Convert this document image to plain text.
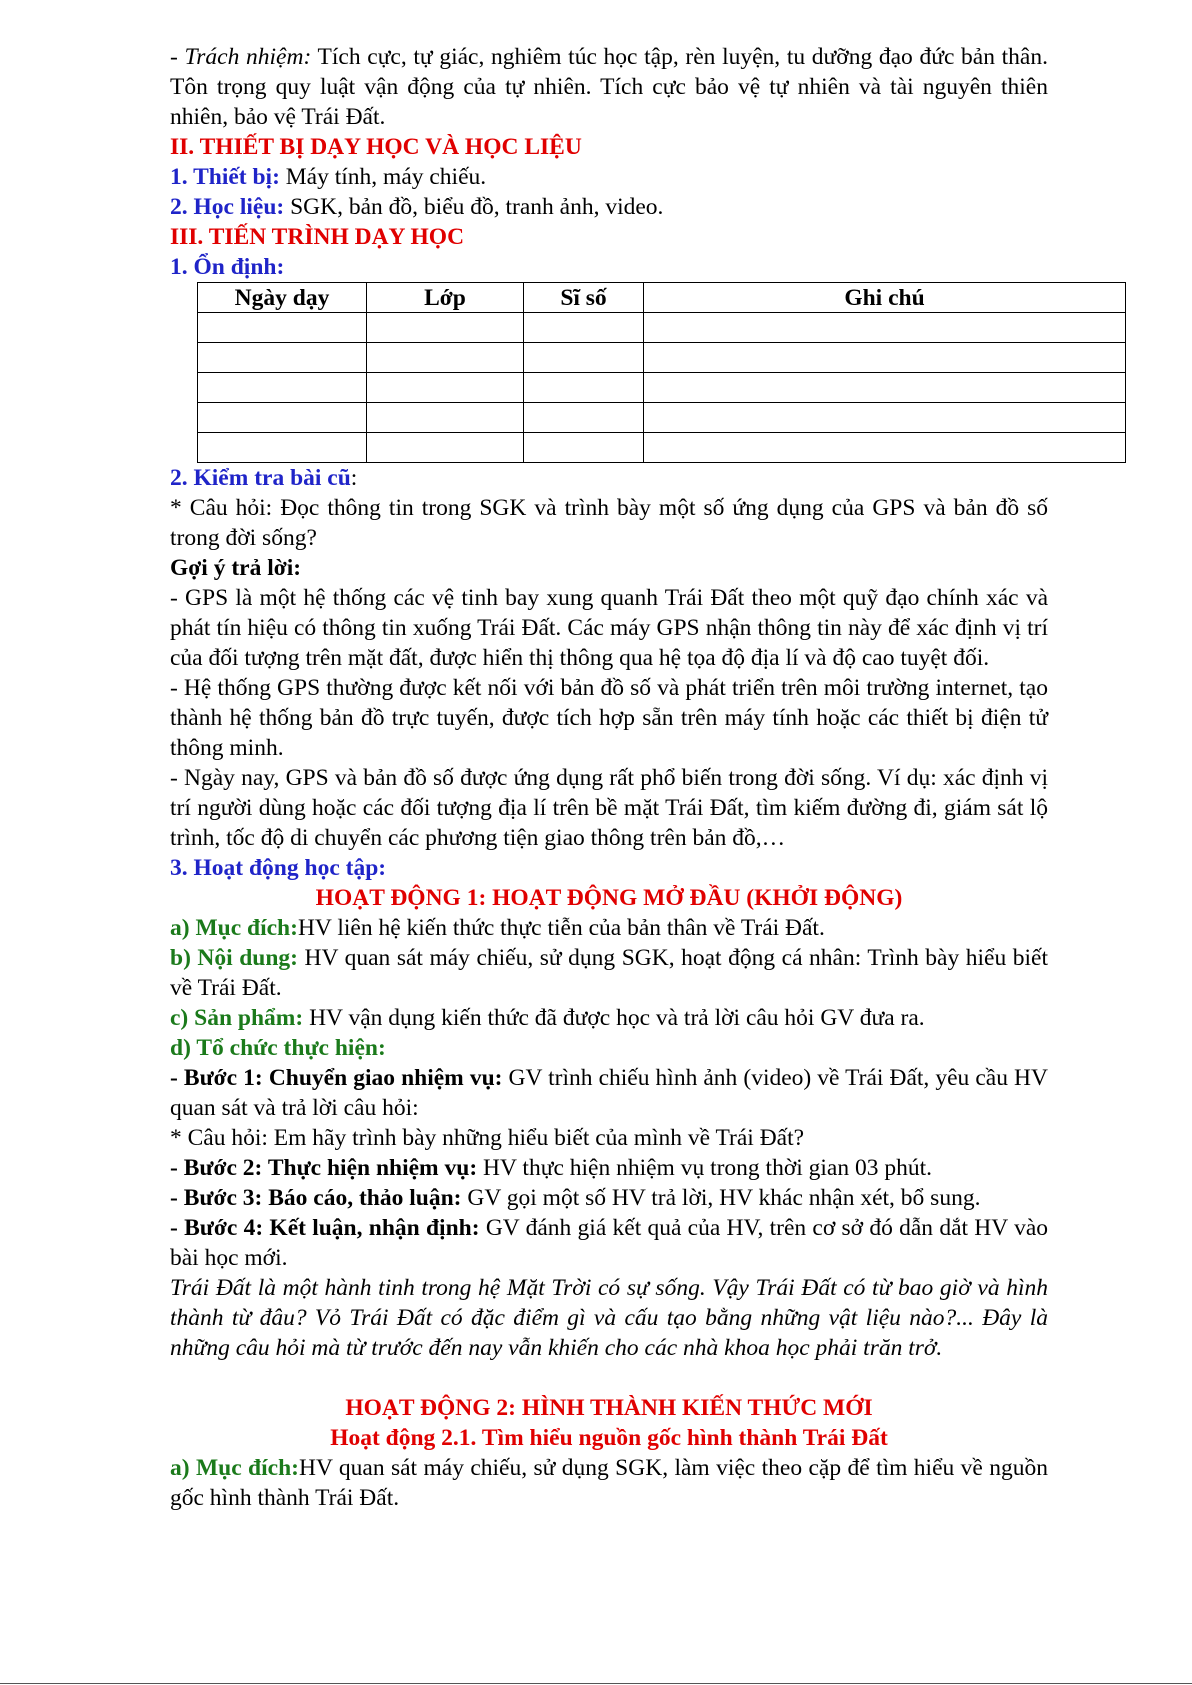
- Trách nhiệm: Tích cực, tự giác, nghiêm túc học tập, rèn luyện, tu dưỡng đạo đức bản thân. Tôn trọng quy luật vận động của tự nhiên. Tích cực bảo vệ tự nhiên và tài nguyên thiên nhiên, bảo vệ Trái Đất.

II. THIẾT BỊ DẠY HỌC VÀ HỌC LIỆU

1. Thiết bị: Máy tính, máy chiếu.

2. Học liệu: SGK, bản đồ, biểu đồ, tranh ảnh, video.

III. TIẾN TRÌNH DẠY HỌC

1. Ổn định:

Ngày dạy	Lớp	Sĩ số	Ghi chú

2. Kiểm tra bài cũ:

* Câu hỏi: Đọc thông tin trong SGK và trình bày một số ứng dụng của GPS và bản đồ số trong đời sống?

Gợi ý trả lời:

- GPS là một hệ thống các vệ tinh bay xung quanh Trái Đất theo một quỹ đạo chính xác và phát tín hiệu có thông tin xuống Trái Đất. Các máy GPS nhận thông tin này để xác định vị trí của đối tượng trên mặt đất, được hiển thị thông qua hệ tọa độ địa lí và độ cao tuyệt đối.

- Hệ thống GPS thường được kết nối với bản đồ số và phát triển trên môi trường internet, tạo thành hệ thống bản đồ trực tuyến, được tích hợp sẵn trên máy tính hoặc các thiết bị điện tử thông minh.

- Ngày nay, GPS và bản đồ số được ứng dụng rất phổ biến trong đời sống. Ví dụ: xác định vị trí người dùng hoặc các đối tượng địa lí trên bề mặt Trái Đất, tìm kiếm đường đi, giám sát lộ trình, tốc độ di chuyển các phương tiện giao thông trên bản đồ,…

3. Hoạt động học tập:

HOẠT ĐỘNG 1: HOẠT ĐỘNG MỞ ĐẦU (KHỞI ĐỘNG)

a) Mục đích:HV liên hệ kiến thức thực tiễn của bản thân về Trái Đất.

b) Nội dung: HV quan sát máy chiếu, sử dụng SGK, hoạt động cá nhân: Trình bày hiểu biết về Trái Đất.

c) Sản phẩm: HV vận dụng kiến thức đã được học và trả lời câu hỏi GV đưa ra.

d) Tổ chức thực hiện:

- Bước 1: Chuyển giao nhiệm vụ: GV trình chiếu hình ảnh (video) về Trái Đất, yêu cầu HV quan sát và trả lời câu hỏi:

* Câu hỏi: Em hãy trình bày những hiểu biết của mình về Trái Đất?

- Bước 2: Thực hiện nhiệm vụ: HV thực hiện nhiệm vụ trong thời gian 03 phút.

- Bước 3: Báo cáo, thảo luận: GV gọi một số HV trả lời, HV khác nhận xét, bổ sung.

- Bước 4: Kết luận, nhận định: GV đánh giá kết quả của HV, trên cơ sở đó dẫn dắt HV vào bài học mới.

Trái Đất là một hành tinh trong hệ Mặt Trời có sự sống. Vậy Trái Đất có từ bao giờ và hình thành từ đâu? Vỏ Trái Đất có đặc điểm gì và cấu tạo bằng những vật liệu nào?... Đây là những câu hỏi mà từ trước đến nay vẫn khiến cho các nhà khoa học phải trăn trở.

HOẠT ĐỘNG 2: HÌNH THÀNH KIẾN THỨC MỚI

Hoạt động 2.1. Tìm hiểu nguồn gốc hình thành Trái Đất

a) Mục đích:HV quan sát máy chiếu, sử dụng SGK, làm việc theo cặp để tìm hiểu về nguồn gốc hình thành Trái Đất.
